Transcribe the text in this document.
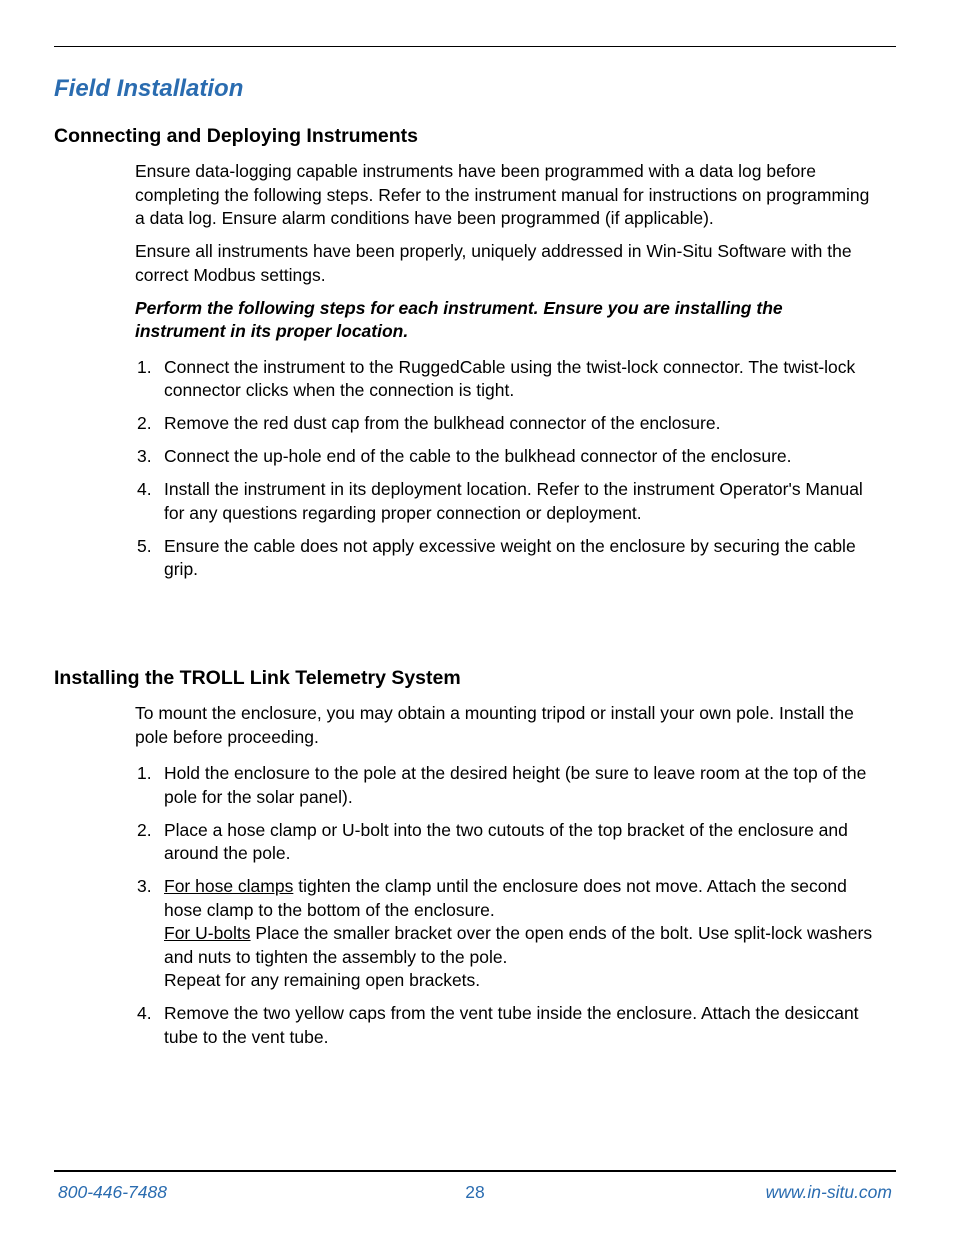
Field Installation
Connecting and Deploying Instruments

Ensure data-logging capable instruments have been programmed with a data log before completing the following steps. Refer to the instrument manual for instructions on programming a data log. Ensure alarm conditions have been programmed (if applicable).

Ensure all instruments have been properly, uniquely addressed in Win-Situ Software with the correct Modbus settings.

Perform the following steps for each instrument. Ensure you are installing the instrument in its proper location.

1. Connect the instrument to the RuggedCable using the twist-lock connector. The twist-lock connector clicks when the connection is tight.
2. Remove the red dust cap from the bulkhead connector of the enclosure.
3. Connect the up-hole end of the cable to the bulkhead connector of the enclosure.
4. Install the instrument in its deployment location. Refer to the instrument Operator's Manual for any questions regarding proper connection or deployment.
5. Ensure the cable does not apply excessive weight on the enclosure by securing the cable grip.
Installing the TROLL Link Telemetry System

To mount the enclosure, you may obtain a mounting tripod or install your own pole. Install the pole before proceeding.

1. Hold the enclosure to the pole at the desired height (be sure to leave room at the top of the pole for the solar panel).
2. Place a hose clamp or U-bolt into the two cutouts of the top bracket of the enclosure and around the pole.
3. For hose clamps tighten the clamp until the enclosure does not move. Attach the second hose clamp to the bottom of the enclosure.
For U-bolts Place the smaller bracket over the open ends of the bolt. Use split-lock washers and nuts to tighten the assembly to the pole.
Repeat for any remaining open brackets.
4. Remove the two yellow caps from the vent tube inside the enclosure. Attach the desiccant tube to the vent tube.
800-446-7488	28	www.in-situ.com
